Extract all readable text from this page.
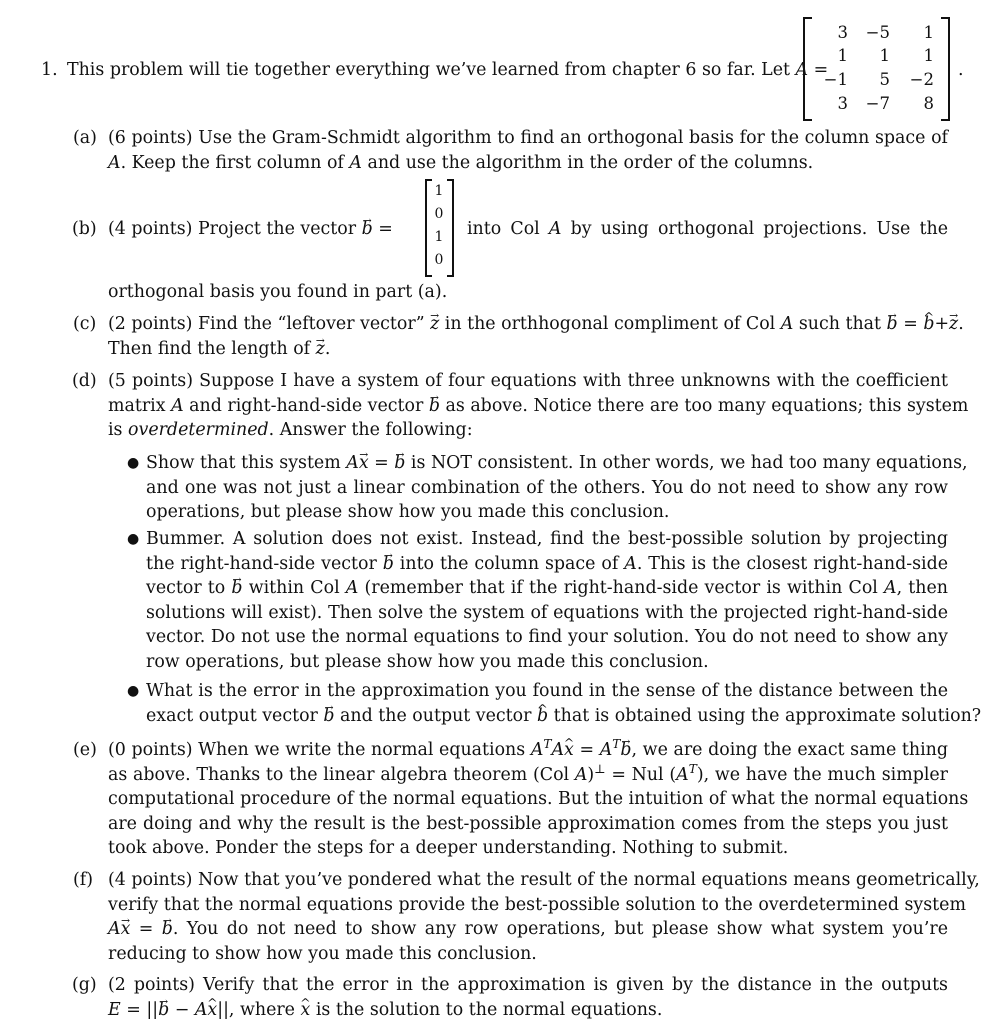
1. This problem will tie together everything we’ve learned from chapter 6 so far. Let A =
3	−5	1
1	1	1
−1	5	−2
3	−7	8
.
(a) (6 points) Use the Gram-Schmidt algorithm to find an orthogonal basis for the column space of
A. Keep the first column of A and use the algorithm in the order of the columns.
(b) (4 points) Project the vector → b =
1
0
1
0
into Col A by using orthogonal projections. Use the
orthogonal basis you found in part (a).
(c) (2 points) Find the “leftover vector” → z in the orthhogonal compliment of Col A such that → b = ^ b+→ z.
Then find the length of → z.
(d) (5 points) Suppose I have a system of four equations with three unknowns with the coefficient
matrix A and right-hand-side vector → b as above. Notice there are too many equations; this system
is overdetermined. Answer the following:
● Show that this system A→ x = → b is NOT consistent. In other words, we had too many equations,
and one was not just a linear combination of the others. You do not need to show any row
operations, but please show how you made this conclusion.
● Bummer. A solution does not exist. Instead, find the best-possible solution by projecting
the right-hand-side vector → b into the column space of A. This is the closest right-hand-side
vector to → b within Col A (remember that if the right-hand-side vector is within Col A, then
solutions will exist). Then solve the system of equations with the projected right-hand-side
vector. Do not use the normal equations to find your solution. You do not need to show any
row operations, but please show how you made this conclusion.
● What is the error in the approximation you found in the sense of the distance between the
exact output vector → b and the output vector ^ b that is obtained using the approximate solution?
(e) (0 points) When we write the normal equations $A^TA\^{}$ $x = A^T\to b$, we are doing the exact same thing
as above. Thanks to the linear algebra theorem (Col A)⊥ = Nul $(A^T)$, we have the much simpler
computational procedure of the normal equations. But the intuition of what the normal equations
are doing and why the result is the best-possible approximation comes from the steps you just
took above. Ponder the steps for a deeper understanding. Nothing to submit.
(f) (4 points) Now that you’ve pondered what the result of the normal equations means geometrically,
verify that the normal equations provide the best-possible solution to the overdetermined system
A→ x = → b. You do not need to show any row operations, but please show what system you’re
reducing to show how you made this conclusion.
(g) (2 points) Verify that the error in the approximation is given by the distance in the outputs
E = ||→ b − A^ x||, where ^ x is the solution to the normal equations.
